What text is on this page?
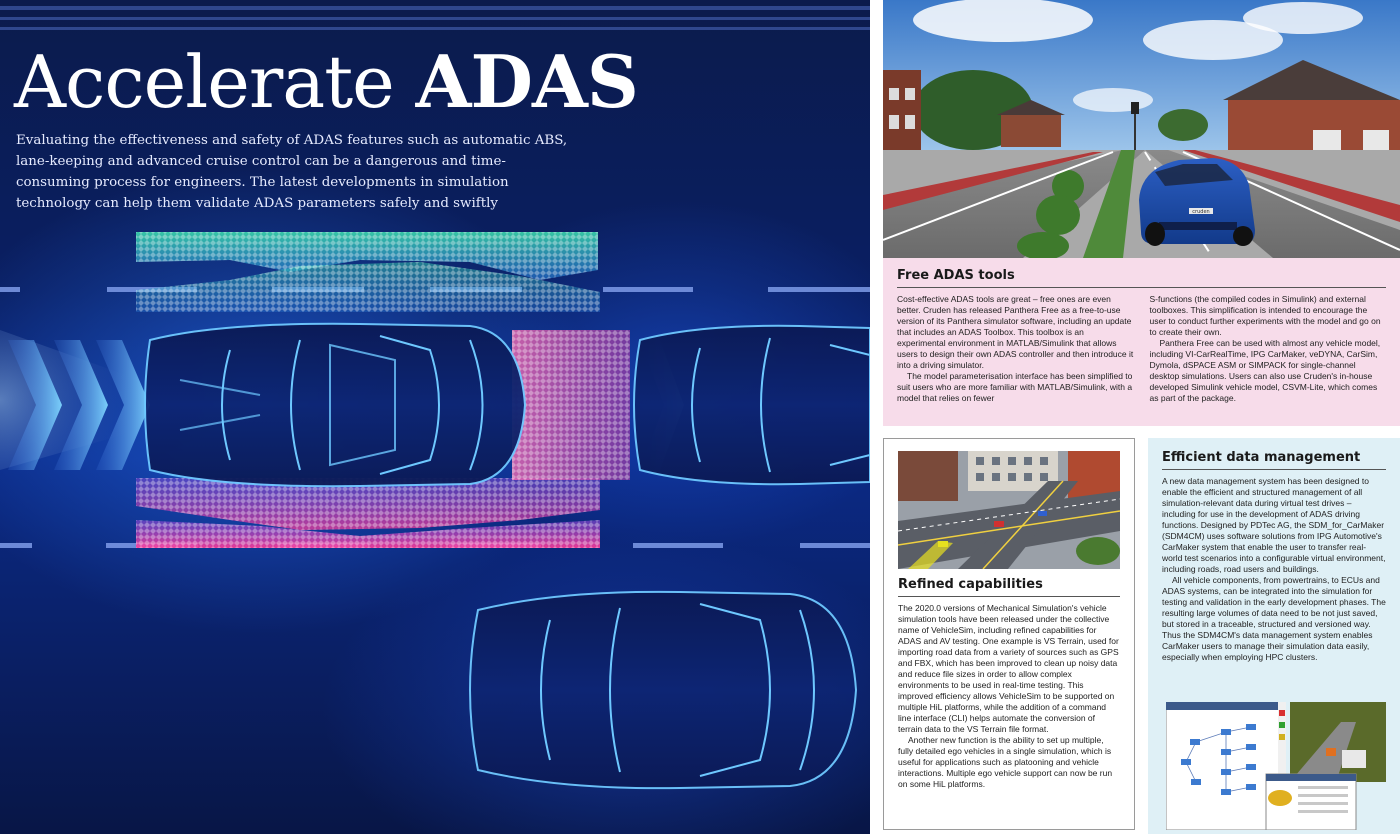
Accelerate ADAS
Evaluating the effectiveness and safety of ADAS features such as automatic ABS, lane-keeping and advanced cruise control can be a dangerous and time-consuming process for engineers. The latest developments in simulation technology can help them validate ADAS parameters safely and swiftly
cruden
Free ADAS tools

Cost-effective ADAS tools are great – free ones are even better. Cruden has released Panthera Free as a free-to-use version of its Panthera simulator software, including an update that includes an ADAS Toolbox. This toolbox is an experimental environment in MATLAB/Simulink that allows users to design their own ADAS controller and then introduce it into a driving simulator.

The model parameterisation interface has been simplified to suit users who are more familiar with MATLAB/Simulink, with a model that relies on fewer

S-functions (the compiled codes in Simulink) and external toolboxes. This simplification is intended to encourage the user to conduct further experiments with the model and go on to create their own.

Panthera Free can be used with almost any vehicle model, including VI-CarRealTime, IPG CarMaker, veDYNA, CarSim, Dymola, dSPACE ASM or SIMPACK for single-channel desktop simulations. Users can also use Cruden's in-house developed Simulink vehicle model, CSVM-Lite, which comes as part of the package.

Refined capabilities

The 2020.0 versions of Mechanical Simulation's vehicle simulation tools have been released under the collective name of VehicleSim, including refined capabilities for ADAS and AV testing. One example is VS Terrain, used for importing road data from a variety of sources such as GPS and FBX, which has been improved to clean up noisy data and reduce file sizes in order to allow complex environments to be used in real-time testing. This improved efficiency allows VehicleSim to be supported on multiple HiL platforms, while the addition of a command line interface (CLI) helps automate the conversion of terrain data to the VS Terrain file format.

Another new function is the ability to set up multiple, fully detailed ego vehicles in a single simulation, which is useful for applications such as platooning and vehicle interactions. Multiple ego vehicle support can now be run on some HiL platforms.

Efficient data management

A new data management system has been designed to enable the efficient and structured management of all simulation-relevant data during virtual test drives – including for use in the development of ADAS driving functions. Designed by PDTec AG, the SDM_for_CarMaker (SDM4CM) uses software solutions from IPG Automotive's CarMaker system that enable the user to transfer real-world test scenarios into a configurable virtual environment, including roads, road users and buildings.

All vehicle components, from powertrains, to ECUs and ADAS systems, can be integrated into the simulation for testing and validation in the early development phases. The resulting large volumes of data need to be not just saved, but stored in a traceable, structured and versioned way. Thus the SDM4CM's data management system enables CarMaker users to manage their simulation data easily, especially when employing HPC clusters.
